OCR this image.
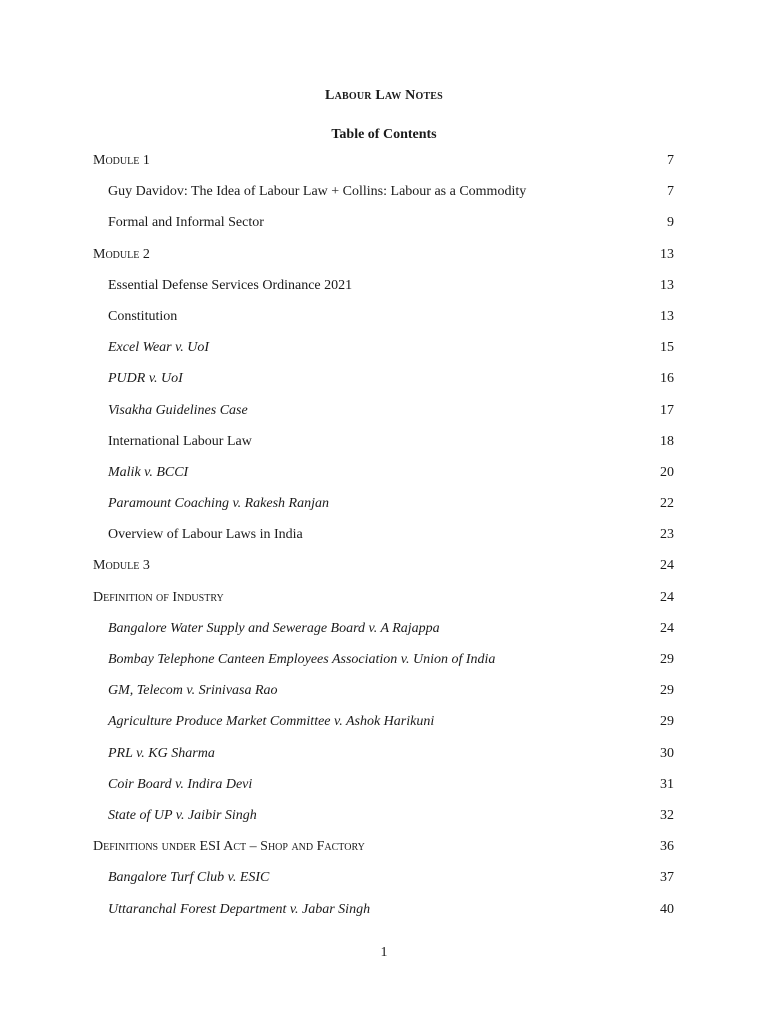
Labour Law Notes
Table of Contents
Module 1	7
Guy Davidov: The Idea of Labour Law + Collins: Labour as a Commodity	7
Formal and Informal Sector	9
Module 2	13
Essential Defense Services Ordinance 2021	13
Constitution	13
Excel Wear v. UoI	15
PUDR v. UoI	16
Visakha Guidelines Case	17
International Labour Law	18
Malik v. BCCI	20
Paramount Coaching v. Rakesh Ranjan	22
Overview of Labour Laws in India	23
Module 3	24
Definition of Industry	24
Bangalore Water Supply and Sewerage Board v. A Rajappa	24
Bombay Telephone Canteen Employees Association v. Union of India	29
GM, Telecom v. Srinivasa Rao	29
Agriculture Produce Market Committee v. Ashok Harikuni	29
PRL v. KG Sharma	30
Coir Board v. Indira Devi	31
State of UP v. Jaibir Singh	32
Definitions under ESI Act – Shop and Factory	36
Bangalore Turf Club v. ESIC	37
Uttaranchal Forest Department v. Jabar Singh	40
1
